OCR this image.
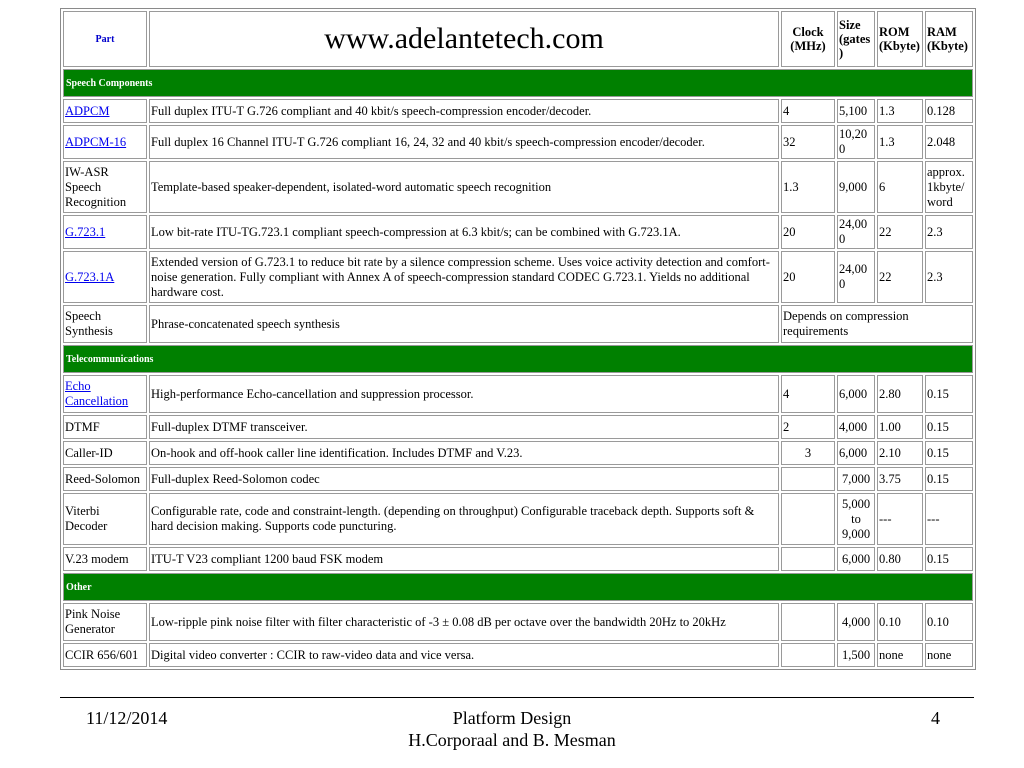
Part	www.adelantetech.com	Clock (MHz)	Size (gates)	ROM (Kbyte)	RAM (Kbyte)
Speech Components					
ADPCM	Full duplex ITU-T G.726 compliant and 40 kbit/s speech-compression encoder/decoder.	4	5,100	1.3	0.128
ADPCM-16	Full duplex 16 Channel ITU-T G.726 compliant 16, 24, 32 and 40 kbit/s speech-compression encoder/decoder.	32	10,200	1.3	2.048
IW-ASR Speech Recognition	Template-based speaker-dependent, isolated-word automatic speech recognition	1.3	9,000	6	approx. 1kbyte/ word
G.723.1	Low bit-rate ITU-TG.723.1 compliant speech-compression at 6.3 kbit/s; can be combined with G.723.1A.	20	24,000	22	2.3
G.723.1A	Extended version of G.723.1 to reduce bit rate by a silence compression scheme. Uses voice activity detection and comfort-noise generation. Fully compliant with Annex A of speech-compression standard CODEC G.723.1. Yields no additional hardware cost.	20	24,000	22	2.3
Speech Synthesis	Phrase-concatenated speech synthesis	Depends on compression requirements			
Telecommunications					
Echo Cancellation	High-performance Echo-cancellation and suppression processor.	4	6,000	2.80	0.15
DTMF	Full-duplex DTMF transceiver.	2	4,000	1.00	0.15
Caller-ID	On-hook and off-hook caller line identification. Includes DTMF and V.23.	3	6,000	2.10	0.15
Reed-Solomon	Full-duplex Reed-Solomon codec		7,000	3.75	0.15
Viterbi Decoder	Configurable rate, code and constraint-length. (depending on throughput) Configurable traceback depth. Supports soft & hard decision making. Supports code puncturing.		5,000 to 9,000	---	---
V.23 modem	ITU-T V23 compliant 1200 baud FSK modem		6,000	0.80	0.15
Other					
Pink Noise Generator	Low-ripple pink noise filter with filter characteristic of -3 ± 0.08 dB per octave over the bandwidth 20Hz to 20kHz		4,000	0.10	0.10
CCIR 656/601	Digital video converter : CCIR to raw-video data and vice versa.		1,500	none	none
11/12/2014	Platform Design
H.Corporaal and B. Mesman
4
